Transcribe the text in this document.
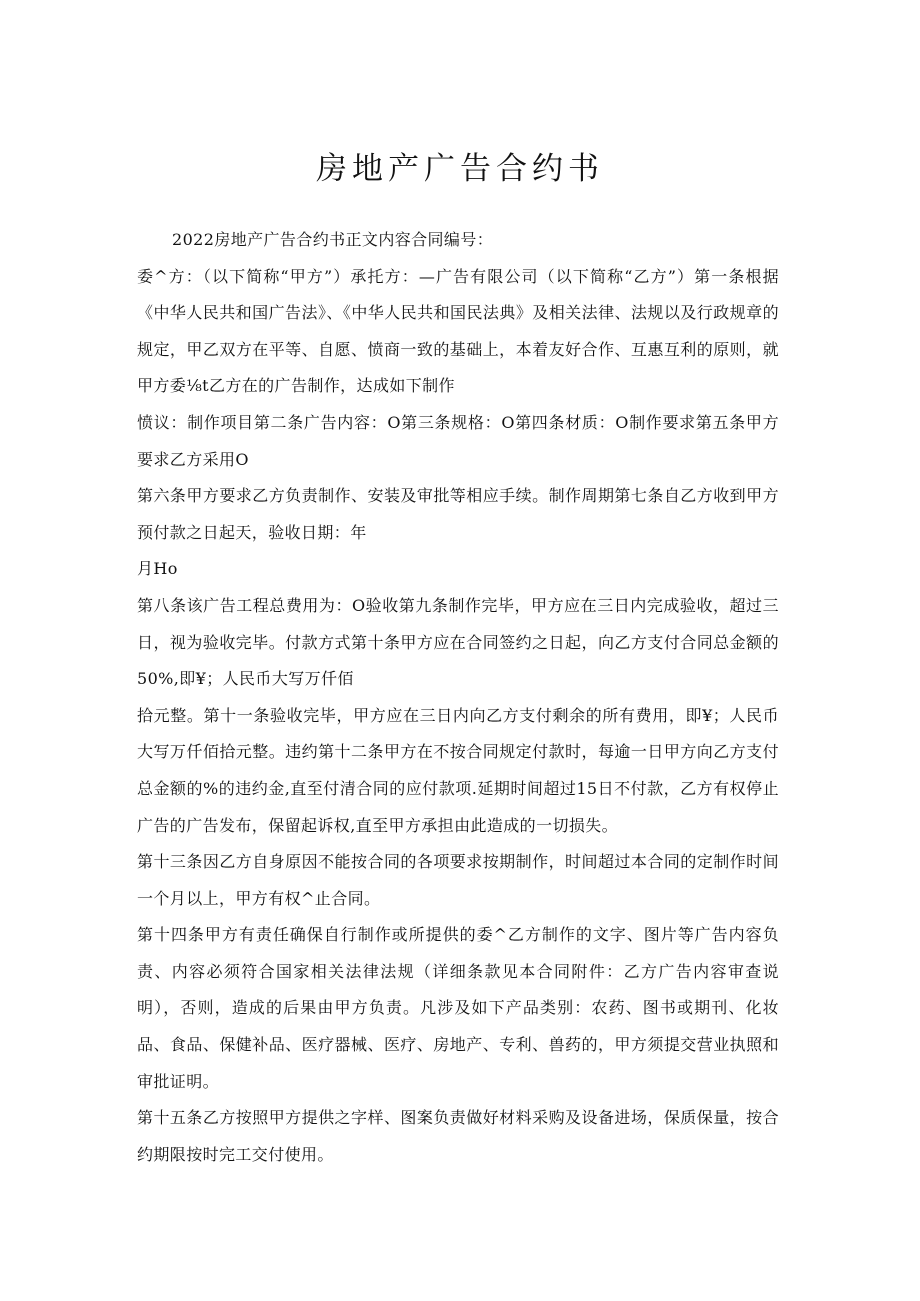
房地产广告合约书

2022房地产广告合约书正文内容合同编号：

委^方：（以下简称“甲方”）承托方：—广告有限公司（以下简称“乙方”）第一条根据《中华人民共和国广告法》、《中华人民共和国民法典》及相关法律、法规以及行政规章的规定，甲乙双方在平等、自愿、愤商一致的基础上，本着友好合作、互惠互利的原则，就甲方委⅛t乙方在的广告制作，达成如下制作

愤议：制作项目第二条广告内容：O第三条规格：O第四条材质：O制作要求第五条甲方要求乙方采用O

第六条甲方要求乙方负责制作、安装及审批等相应手续。制作周期第七条自乙方收到甲方预付款之日起天，验收日期：年

月Ho

第八条该广告工程总费用为：O验收第九条制作完毕，甲方应在三日内完成验收，超过三日，视为验收完毕。付款方式第十条甲方应在合同签约之日起，向乙方支付合同总金额的50%,即¥；人民币大写万仟佰

拾元整。第十一条验收完毕，甲方应在三日内向乙方支付剩余的所有费用，即¥；人民币大写万仟佰拾元整。违约第十二条甲方在不按合同规定付款时，每逾一日甲方向乙方支付总金额的%的违约金,直至付清合同的应付款项.延期时间超过15日不付款，乙方有权停止广告的广告发布，保留起诉权,直至甲方承担由此造成的一切损失。

第十三条因乙方自身原因不能按合同的各项要求按期制作，时间超过本合同的定制作时间一个月以上，甲方有权^止合同。

第十四条甲方有责任确保自行制作或所提供的委^乙方制作的文字、图片等广告内容负责、内容必须符合国家相关法律法规（详细条款见本合同附件：乙方广告内容审查说明），否则，造成的后果由甲方负责。凡涉及如下产品类别：农药、图书或期刊、化妆品、食品、保健补品、医疗器械、医疗、房地产、专利、兽药的，甲方须提交营业执照和审批证明。

第十五条乙方按照甲方提供之字样、图案负责做好材料采购及设备进场，保质保量，按合约期限按时完工交付使用。
